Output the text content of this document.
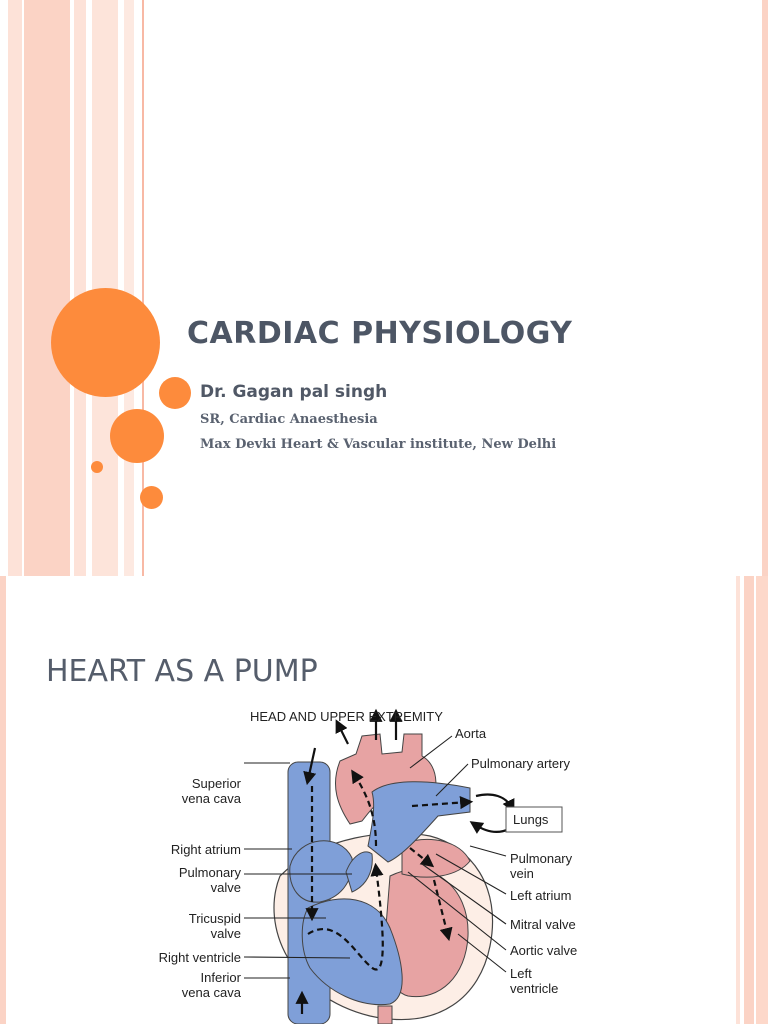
CARDIAC PHYSIOLOGY
Dr. Gagan pal singh
SR, Cardiac Anaesthesia
Max Devki Heart & Vascular institute, New Delhi
HEART AS A PUMP
HEAD AND UPPER EXTREMITY
Aorta
Pulmonary artery
Lungs
Superior
vena cava
Right atrium
Pulmonary
valve
Tricuspid
valve
Right ventricle
Inferior
vena cava
Pulmonary
vein
Left atrium
Mitral valve
Aortic valve
Left
ventricle
